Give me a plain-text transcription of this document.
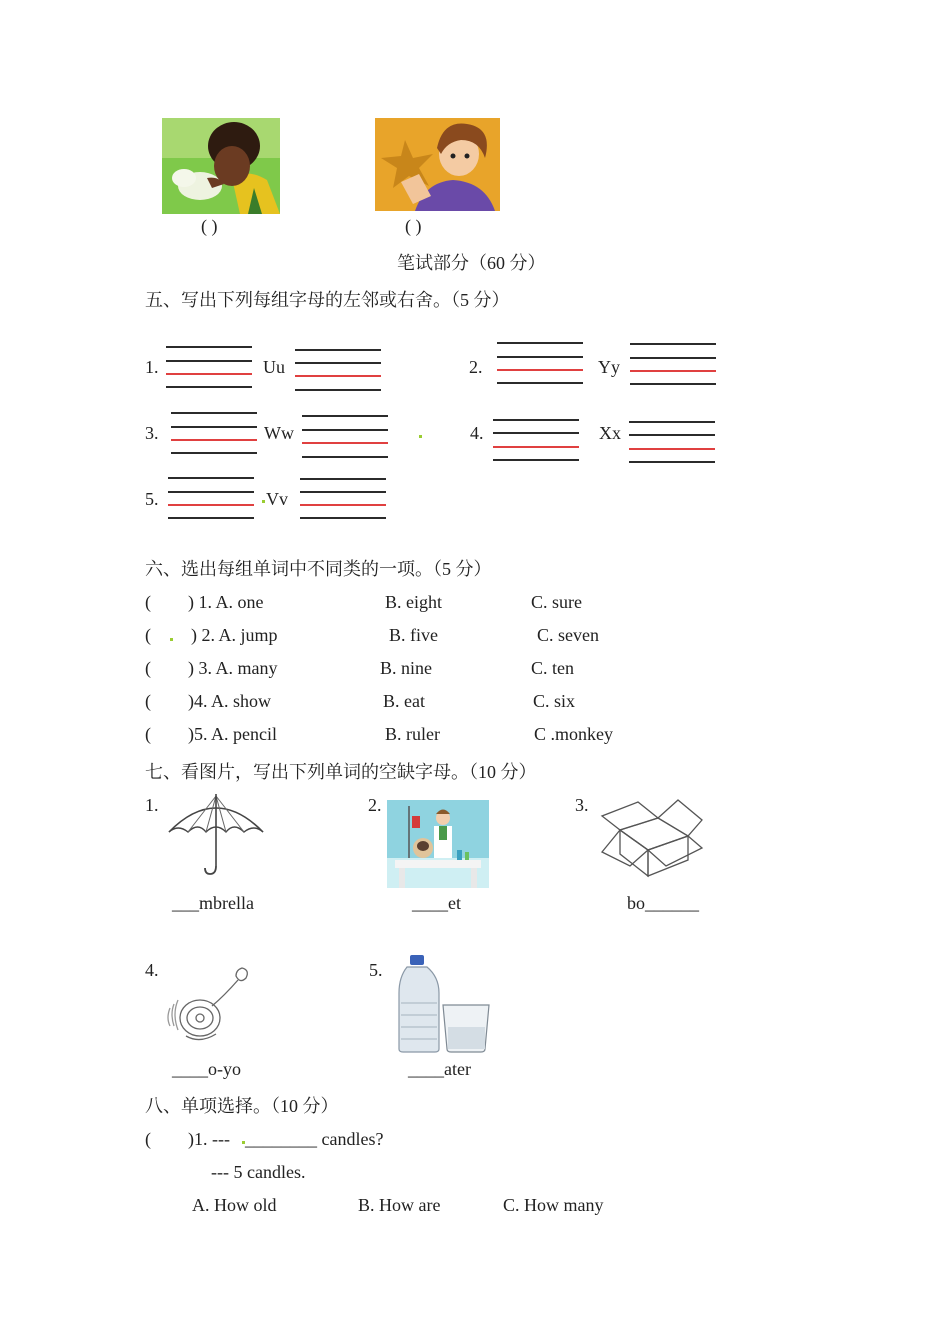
( )	( )
笔试部分（60 分）
五、写出下列每组字母的左邻或右舍。（5 分）
1.	Uu	2.	Yy
3.	Ww	4.	Xx
5.	Vv
六、选出每组单词中不同类的一项。（5 分）
( ) 1. A. one	B. eight	C. sure
( ) 2. A. jump	B. five	C. seven
( ) 3. A. many	B. nine	C. ten
( )4. A. show	B. eat	C. six
( )5. A. pencil	B. ruler	C .monkey
七、看图片，写出下列单词的空缺字母。（10 分）
1.
___mbrella
2.
____et
3.
bo______
4.
____o-yo
5.
____ater
八、单项选择。（10 分）
( )1. --- ________ candles?
--- 5 candles.
A. How old	B. How are	C. How many
